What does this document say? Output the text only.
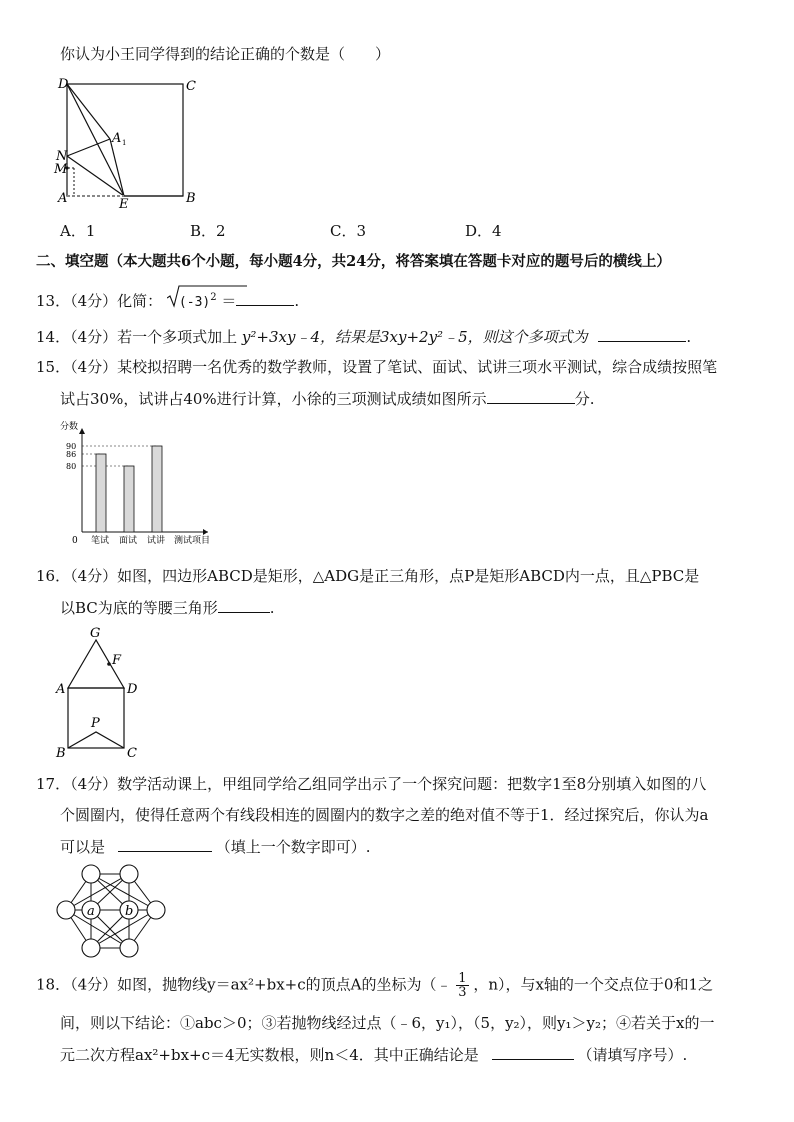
你认为小王同学得到的结论正确的个数是（　　）
D	C
A 1
N
M
A	E	B
A．1	B．2	C．3	D．4
二、填空题（本大题共6个小题，每小题4分，共24分，将答案填在答题卡对应的题号后的横线上）
13．（4分）化简： $(-3)^2$ ＝	.
14．（4分）若一个多项式加上 y²+3xy﹣4，结果是3xy+2y²﹣5，则这个多项式为	.
15．（4分）某校拟招聘一名优秀的数学教师，设置了笔试、面试、试讲三项水平测试，综合成绩按照笔
试占30%，试讲占40%进行计算，小徐的三项测试成绩如图所示	分.
分数
90
86
80
0 笔试 面试 试讲 测试项目
16．（4分）如图，四边形ABCD是矩形，△ADG是正三角形，点P是矩形ABCD内一点，且△PBC是
以BC为底的等腰三角形	.
G
F
A	D
P
B	C
17．（4分）数学活动课上，甲组同学给乙组同学出示了一个探究问题：把数字1至8分别填入如图的八
个圆圈内，使得任意两个有线段相连的圆圈内的数字之差的绝对值不等于1．经过探究后，你认为a
可以是	（填上一个数字即可）.
a b
18．（4分）如图，抛物线y＝ax²+bx+c的顶点A的坐标为（﹣ $\frac{1}{3}$ ，n），与x轴的一个交点位于0和1之
间，则以下结论：①abc＞0；③若抛物线经过点（﹣6，y₁），（5，y₂），则y₁＞y₂；④若关于x的一
元二次方程ax²+bx+c＝4无实数根，则n＜4．其中正确结论是	（请填写序号）.
